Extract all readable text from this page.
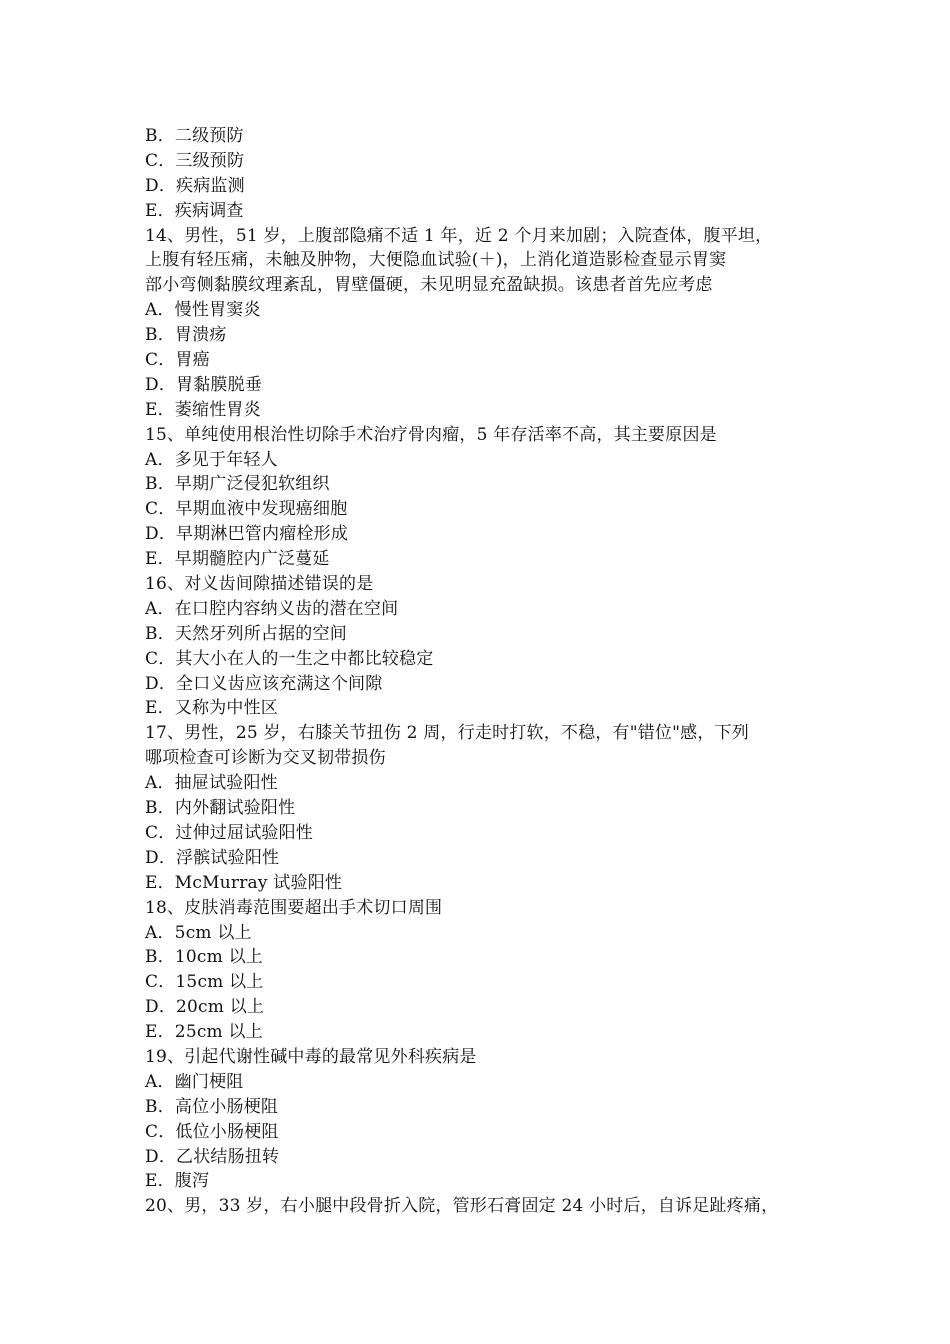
B．二级预防
C．三级预防
D．疾病监测
E．疾病调查
14、男性，51 岁，上腹部隐痛不适 1 年，近 2 个月来加剧；入院查体，腹平坦，
上腹有轻压痛，未触及肿物，大便隐血试验(＋)，上消化道造影检查显示胃窦
部小弯侧黏膜纹理紊乱，胃壁僵硬，未见明显充盈缺损。该患者首先应考虑
A．慢性胃窦炎
B．胃溃疡
C．胃癌
D．胃黏膜脱垂
E．萎缩性胃炎
15、单纯使用根治性切除手术治疗骨肉瘤，5 年存活率不高，其主要原因是
A．多见于年轻人
B．早期广泛侵犯软组织
C．早期血液中发现癌细胞
D．早期淋巴管内瘤栓形成
E．早期髓腔内广泛蔓延
16、对义齿间隙描述错误的是
A．在口腔内容纳义齿的潜在空间
B．天然牙列所占据的空间
C．其大小在人的一生之中都比较稳定
D．全口义齿应该充满这个间隙
E．又称为中性区
17、男性，25 岁，右膝关节扭伤 2 周，行走时打软，不稳，有"错位"感，下列
哪项检查可诊断为交叉韧带损伤
A．抽屉试验阳性
B．内外翻试验阳性
C．过伸过屈试验阳性
D．浮髌试验阳性
E．McMurray 试验阳性
18、皮肤消毒范围要超出手术切口周围
A．5cm 以上
B．10cm 以上
C．15cm 以上
D．20cm 以上
E．25cm 以上
19、引起代谢性碱中毒的最常见外科疾病是
A．幽门梗阻
B．高位小肠梗阻
C．低位小肠梗阻
D．乙状结肠扭转
E．腹泻
20、男，33 岁，右小腿中段骨折入院，管形石膏固定 24 小时后，自诉足趾疼痛，
